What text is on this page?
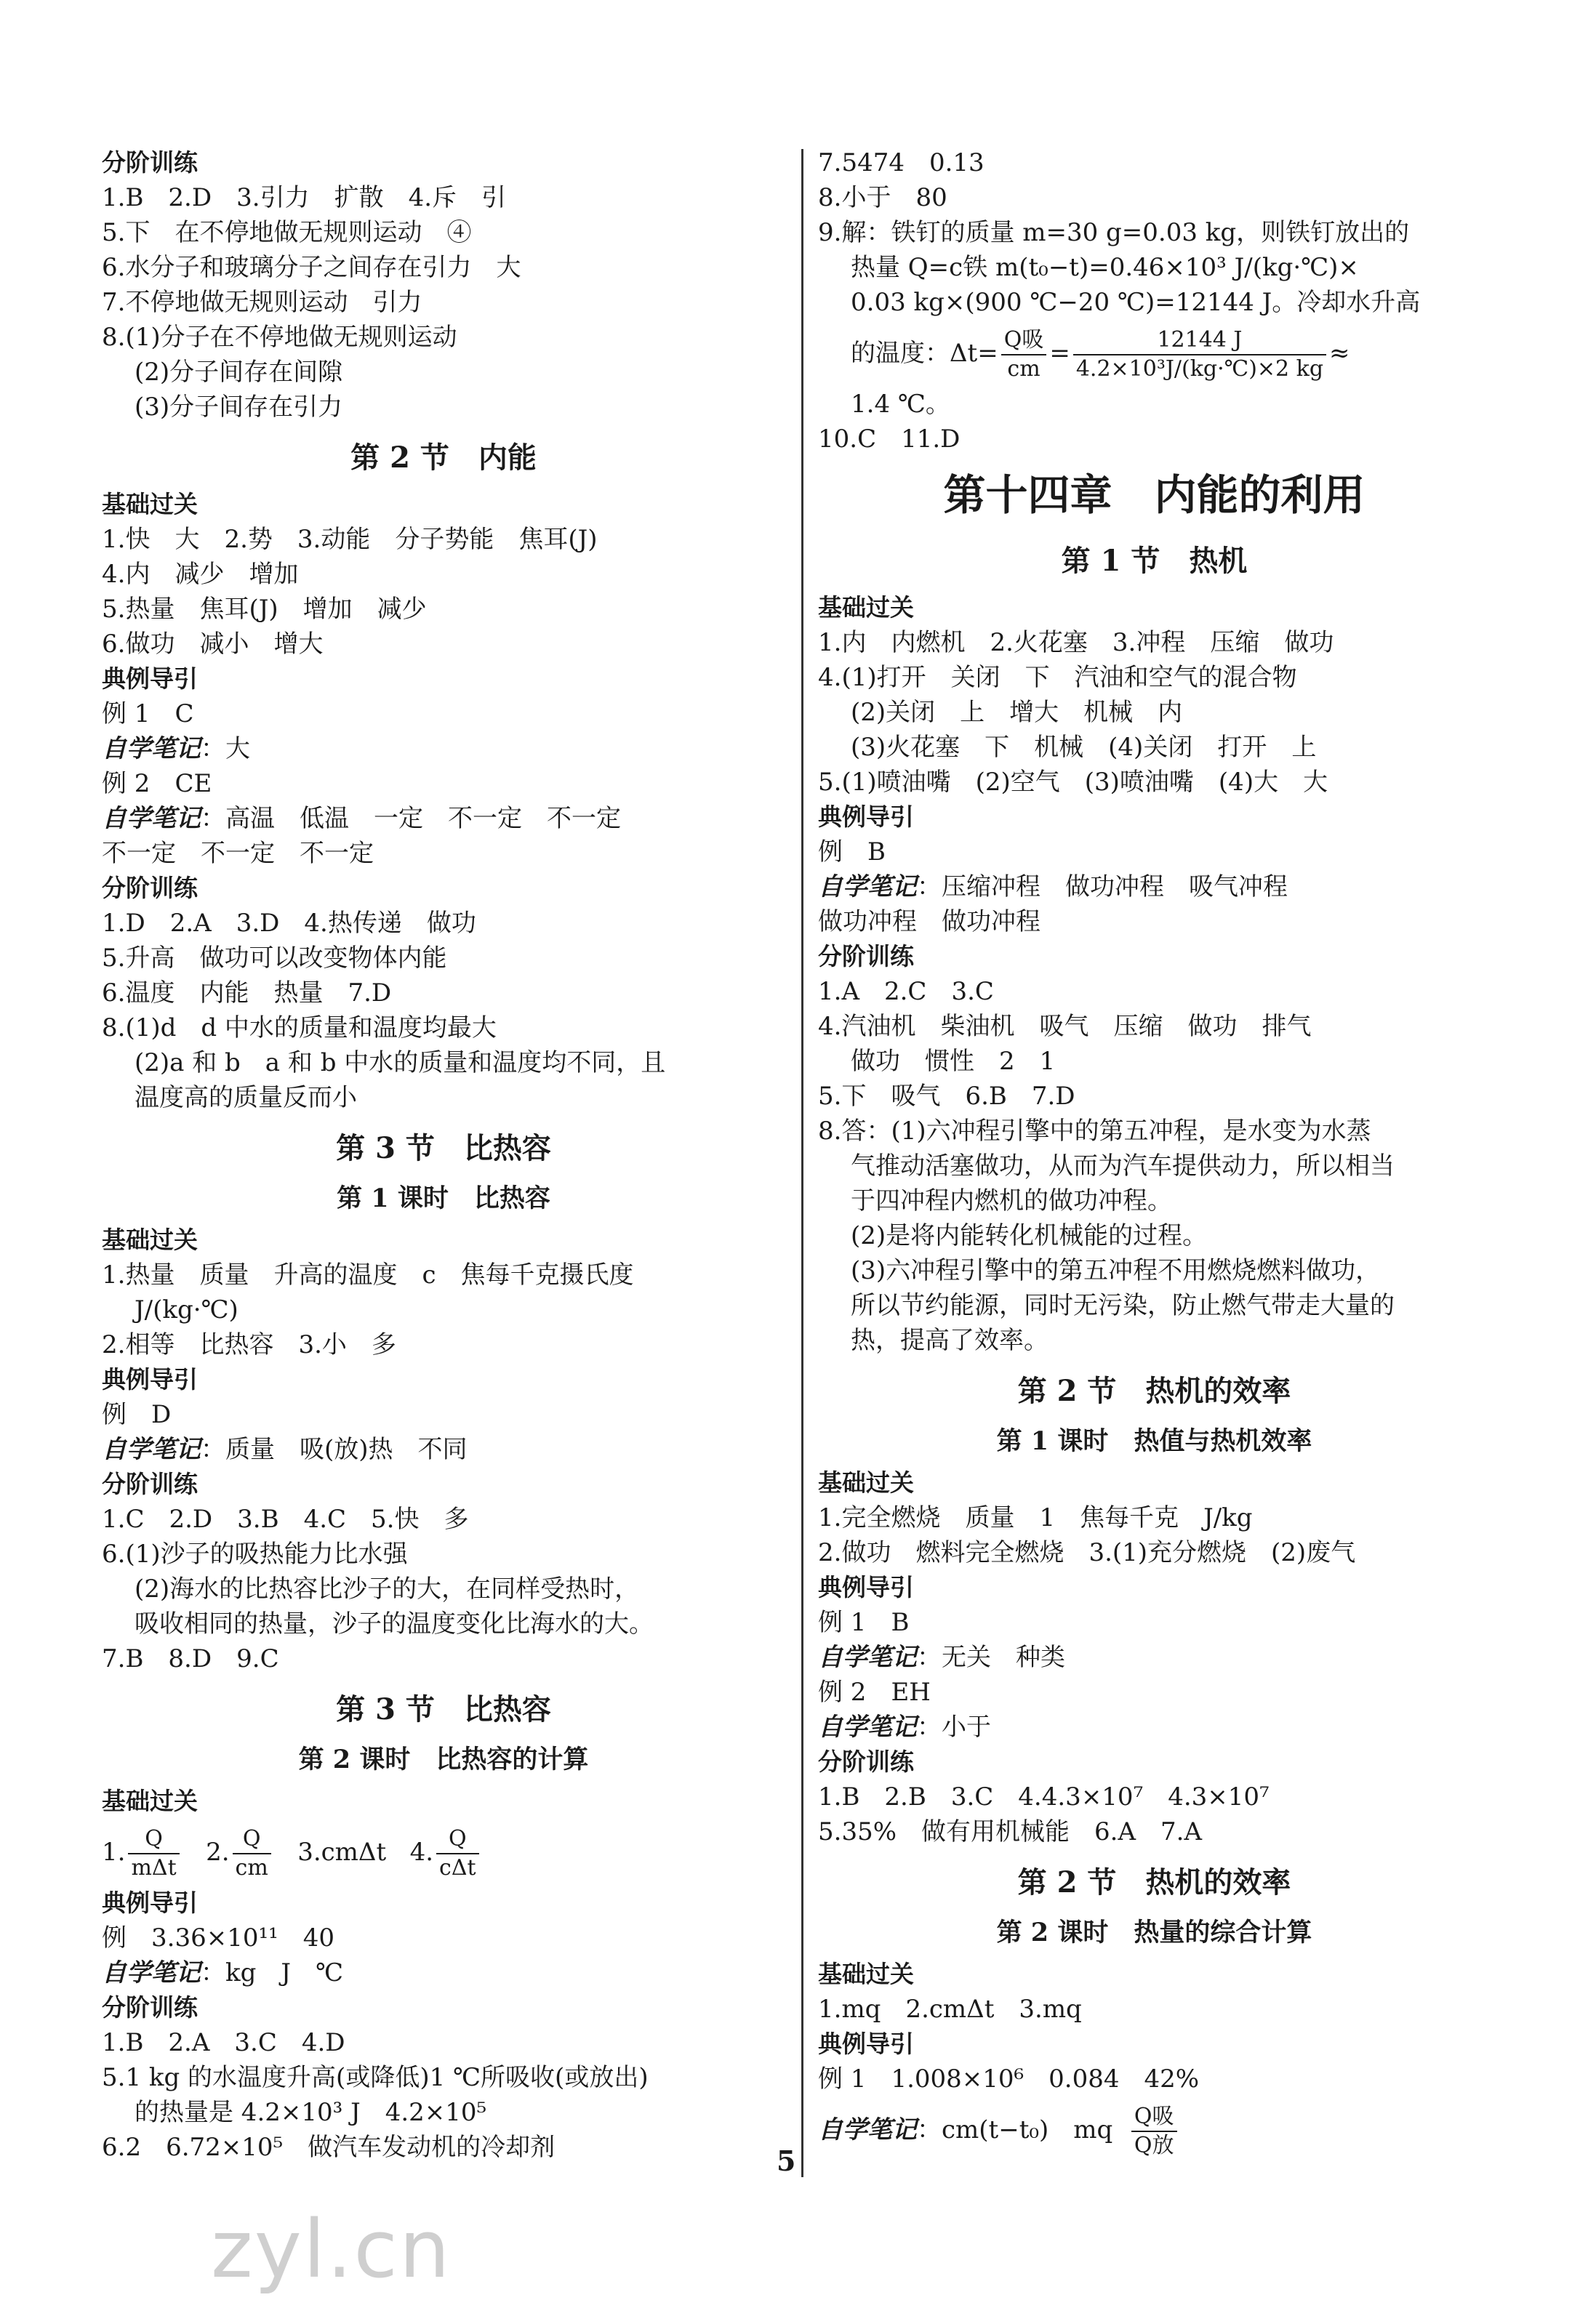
分阶训练
1.B　2.D　3.引力　扩散　4.斥　引
5.下　在不停地做无规则运动　④
6.水分子和玻璃分子之间存在引力　大
7.不停地做无规则运动　引力
8.(1)分子在不停地做无规则运动
(2)分子间存在间隙
(3)分子间存在引力
第 2 节　内能
基础过关
1.快　大　2.势　3.动能　分子势能　焦耳(J)
4.内　减少　增加
5.热量　焦耳(J)　增加　减少
6.做功　减小　增大
典例导引
例 1　C
自学笔记：大
例 2　CE
自学笔记：高温　低温　一定　不一定　不一定
不一定　不一定　不一定
分阶训练
1.D　2.A　3.D　4.热传递　做功
5.升高　做功可以改变物体内能
6.温度　内能　热量　7.D
8.(1)d　d 中水的质量和温度均最大
(2)a 和 b　a 和 b 中水的质量和温度均不同，且
温度高的质量反而小
第 3 节　比热容
第 1 课时　比热容
基础过关
1.热量　质量　升高的温度　c　焦每千克摄氏度
J/(kg·℃)
2.相等　比热容　3.小　多
典例导引
例　D
自学笔记：质量　吸(放)热　不同
分阶训练
1.C　2.D　3.B　4.C　5.快　多
6.(1)沙子的吸热能力比水强
(2)海水的比热容比沙子的大，在同样受热时，
吸收相同的热量，沙子的温度变化比海水的大。
7.B　8.D　9.C
第 3 节　比热容
第 2 课时　比热容的计算
基础过关
1. $\frac{Q}{\text{mΔt}} 2$. $\frac{Q}{cm} 3.cm\Delta t$ 4. $\frac{Q}{\text{cΔt}}$
典例导引
例　3.36×10¹¹　40
自学笔记：kg　J　℃
分阶训练
1.B　2.A　3.C　4.D
5.1 kg 的水温度升高(或降低)1 ℃所吸收(或放出)
的热量是 4.2×10³ J　4.2×10⁵
6.2　6.72×10⁵　做汽车发动机的冷却剂
7.5474　0.13
8.小于　80
9.解：铁钉的质量 m=30 g=0.03 kg，则铁钉放出的
热量 Q=c铁 m(t₀−t)=0.46×10³ J/(kg·℃)×
0.03 kg×(900 ℃−20 ℃)=12144 J。冷却水升高
的温度：$\Delta t= \frac{\text{Q吸}}{cm} = \frac{12144 J}{\text{4.2×10³J/(kg·℃)×2 kg}}$ ≈
1.4 ℃。
10.C　11.D
第十四章　内能的利用
第 1 节　热机
基础过关
1.内　内燃机　2.火花塞　3.冲程　压缩　做功
4.(1)打开　关闭　下　汽油和空气的混合物
(2)关闭　上　增大　机械　内
(3)火花塞　下　机械　(4)关闭　打开　上
5.(1)喷油嘴　(2)空气　(3)喷油嘴　(4)大　大
典例导引
例　B
自学笔记：压缩冲程　做功冲程　吸气冲程
做功冲程　做功冲程
分阶训练
1.A　2.C　3.C
4.汽油机　柴油机　吸气　压缩　做功　排气
做功　惯性　2　1
5.下　吸气　6.B　7.D
8.答：(1)六冲程引擎中的第五冲程，是水变为水蒸
气推动活塞做功，从而为汽车提供动力，所以相当
于四冲程内燃机的做功冲程。
(2)是将内能转化机械能的过程。
(3)六冲程引擎中的第五冲程不用燃烧燃料做功，
所以节约能源，同时无污染，防止燃气带走大量的
热，提高了效率。
第 2 节　热机的效率
第 1 课时　热值与热机效率
基础过关
1.完全燃烧　质量　1　焦每千克　J/kg
2.做功　燃料完全燃烧　3.(1)充分燃烧　(2)废气
典例导引
例 1　B
自学笔记：无关　种类
例 2　EH
自学笔记：小于
分阶训练
1.B　2.B　3.C　4.4.3×10⁷　4.3×10⁷
5.35%　做有用机械能　6.A　7.A
第 2 节　热机的效率
第 2 课时　热量的综合计算
基础过关
1.mq　2.cmΔt　3.mq
典例导引
例 1　1.008×10⁶　0.084　42%
自学笔记：cm(t−t₀)　mq $\frac{\text{Q吸}}{\text{Q放}}$
5
zyl.cn
